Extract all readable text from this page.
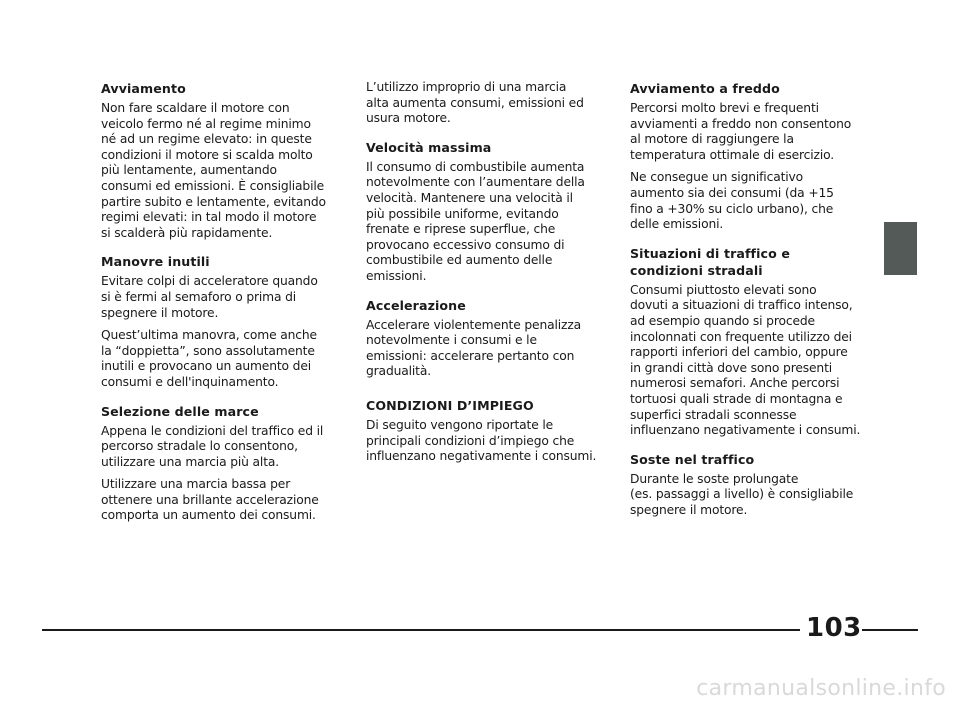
Avviamento

Non fare scaldare il motore con
veicolo fermo né al regime minimo
né ad un regime elevato: in queste
condizioni il motore si scalda molto
più lentamente, aumentando
consumi ed emissioni. È consigliabile
partire subito e lentamente, evitando
regimi elevati: in tal modo il motore
si scalderà più rapidamente.

Manovre inutili

Evitare colpi di acceleratore quando
si è fermi al semaforo o prima di
spegnere il motore.

Quest’ultima manovra, come anche
la “doppietta”, sono assolutamente
inutili e provocano un aumento dei
consumi e dell'inquinamento.

Selezione delle marce

Appena le condizioni del traffico ed il
percorso stradale lo consentono,
utilizzare una marcia più alta.

Utilizzare una marcia bassa per
ottenere una brillante accelerazione
comporta un aumento dei consumi.

L’utilizzo improprio di una marcia
alta aumenta consumi, emissioni ed
usura motore.

Velocità massima

Il consumo di combustibile aumenta
notevolmente con l’aumentare della
velocità. Mantenere una velocità il
più possibile uniforme, evitando
frenate e riprese superflue, che
provocano eccessivo consumo di
combustibile ed aumento delle
emissioni.

Accelerazione

Accelerare violentemente penalizza
notevolmente i consumi e le
emissioni: accelerare pertanto con
gradualità.

CONDIZIONI D’IMPIEGO

Di seguito vengono riportate le
principali condizioni d’impiego che
influenzano negativamente i consumi.

Avviamento a freddo

Percorsi molto brevi e frequenti
avviamenti a freddo non consentono
al motore di raggiungere la
temperatura ottimale di esercizio.

Ne consegue un significativo
aumento sia dei consumi (da +15
fino a +30% su ciclo urbano), che
delle emissioni.

Situazioni di traffico e
condizioni stradali

Consumi piuttosto elevati sono
dovuti a situazioni di traffico intenso,
ad esempio quando si procede
incolonnati con frequente utilizzo dei
rapporti inferiori del cambio, oppure
in grandi città dove sono presenti
numerosi semafori. Anche percorsi
tortuosi quali strade di montagna e
superfici stradali sconnesse
influenzano negativamente i consumi.

Soste nel traffico

Durante le soste prolungate
(es. passaggi a livello) è consigliabile
spegnere il motore.

103
carmanualsonline.info
